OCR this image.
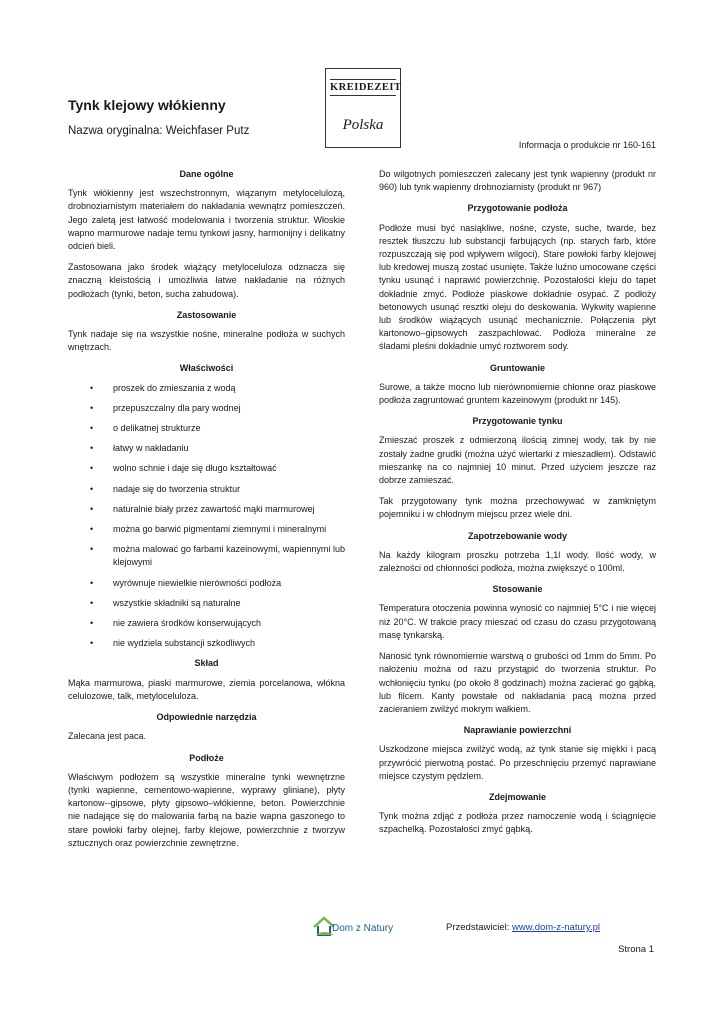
Tynk klejowy włókienny
Nazwa oryginalna: Weichfaser Putz
KREIDEZEIT
Polska
Informacja o produkcie nr 160-161
Dane ogólne
Tynk włókienny jest wszechstronnym, wiązanym metylocelulozą, drobnoziarnistym materiałem do nakładania wewnątrz pomieszczeń. Jego zaletą jest łatwość modelowania i tworzenia struktur. Włoskie wapno marmurowe nadaje temu tynkowi jasny, harmonijny i delikatny odcień bieli.
Zastosowana jako środek wiążący metyloceluloza odznacza się znaczną kleistością i umożliwia łatwe nakładanie na różnych podłożach (tynki, beton, sucha zabudowa).
Zastosowanie
Tynk nadaje się na wszystkie nośne, mineralne podłoża w suchych wnętrzach.
Właściwości
• proszek do zmieszania z wodą
• przepuszczalny dla pary wodnej
• o delikatnej strukturze
• łatwy w nakładaniu
• wolno schnie i daje się długo kształtować
• nadaje się do tworzenia struktur
• naturalnie biały przez zawartość mąki marmurowej
• można go barwić pigmentami ziemnymi i mineralnymi
• można malować go farbami kazeinowymi, wapiennymi lub klejowymi
• wyrównuje niewielkie nierówności podłoża
• wszystkie składniki są naturalne
• nie zawiera środków konserwujących
• nie wydziela substancji szkodliwych
Skład
Mąka marmurowa, piaski marmurowe, ziemia porcelanowa, włókna celulozowe, talk, metyloceluloza.
Odpowiednie narzędzia
Zalecana jest paca.
Podłoże
Właściwym podłożem są wszystkie mineralne tynki wewnętrzne (tynki wapienne, cementowo-wapienne, wyprawy gliniane), płyty kartonow--gipsowe, płyty gipsowo–włókienne, beton. Powierzchnie nie nadające się do malowania farbą na bazie wapna gaszonego to stare powłoki farby olejnej, farby klejowe, powierzchnie z tworzyw sztucznych oraz powierzchnie zewnętrzne.
Do wilgotnych pomieszczeń zalecany jest tynk wapienny (produkt nr 960) lub tynk wapienny drobnoziarnisty (produkt nr 967)
Przygotowanie podłoża
Podłoże musi być nasiąkliwe, nośne, czyste, suche, twarde, bez resztek tłuszczu lub substancji farbujących (np. starych farb, które rozpuszczają się pod wpływem wilgoci). Stare powłoki farby klejowej lub kredowej muszą zostać usunięte. Także luźno umocowane części tynku usunąć i naprawić powierzchnię. Pozostałości kleju do tapet dokładnie zmyć. Podłoże piaskowe dokładnie osypać. Z podłoży betonowych usunąć resztki oleju do deskowania. Wykwity wapienne lub środków wiążących usunąć mechanicznie. Połączenia płyt kartonowo–gipsowych zaszpachlować. Podłoża mineralne ze śladami pleśni dokładnie umyć roztworem sody.
Gruntowanie
Surowe, a także mocno lub nierównomiernie chłonne oraz piaskowe podłoża zagruntować gruntem kazeinowym (produkt nr 145).
Przygotowanie tynku
Zmieszać proszek z odmierzoną ilością zimnej wody, tak by nie zostały żadne grudki (można użyć wiertarki z mieszadłem). Odstawić mieszankę na co najmniej 10 minut. Przed użyciem jeszcze raz dobrze zamieszać.
Tak przygotowany tynk można przechowywać w zamkniętym pojemniku i w chłodnym miejscu przez wiele dni.
Zapotrzebowanie wody
Na każdy kilogram proszku potrzeba 1,1l wody. Ilość wody, w zależności od chłonności podłoża, można zwiększyć o 100ml.
Stosowanie
Temperatura otoczenia powinna wynosić co najmniej 5°C i nie więcej niż 20°C. W trakcie pracy mieszać od czasu do czasu przygotowaną masę tynkarską.
Nanosić tynk równomiernie warstwą o grubości od 1mm do 5mm. Po nałożeniu można od razu przystąpić do tworzenia struktur. Po wchłonięciu tynku (po około 8 godzinach) można zacierać go gąbką, lub filcem. Kanty powstałe od nakładania pacą można przed zacieraniem zwilżyć mokrym wałkiem.
Naprawianie powierzchni
Uszkodzone miejsca zwilżyć wodą, aż tynk stanie się miękki i pacą przywrócić pierwotną postać. Po przeschnięciu przemyć naprawiane miejsce czystym pędzlem.
Zdejmowanie
Tynk można zdjąć z podłoża przez namoczenie wodą i ściągnięcie szpachelką. Pozostałości zmyć gąbką.
Dom z Natury	Przedstawiciel: www.dom-z-natury.pl
Strona 1
